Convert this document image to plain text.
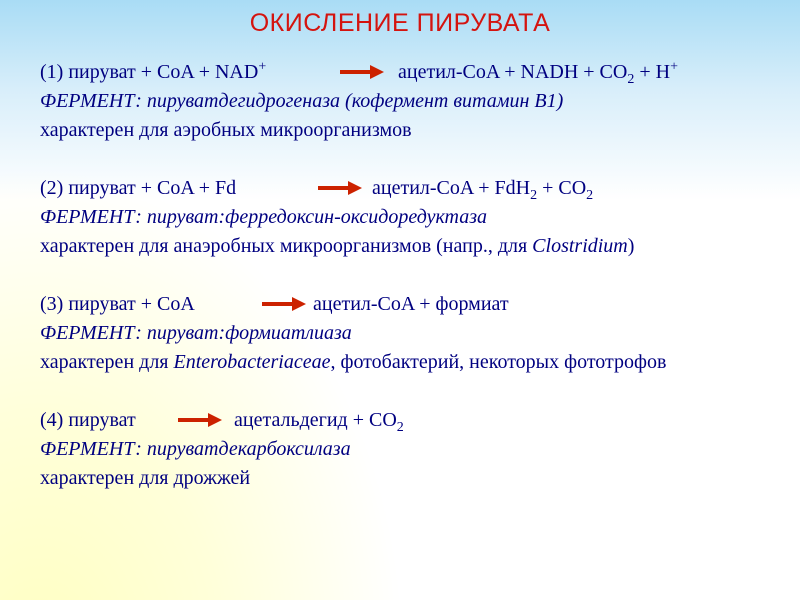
ОКИСЛЕНИЕ ПИРУВАТА
(1) пируват + CoA + NAD+	→ ацетил-CoA + NADH + $CO_2 + H^+$
ФЕРМЕНТ: пируватдегидрогеназа (кофермент витамин В1)
характерен для аэробных микроорганизмов
(2) пируват + CoA + Fd	→ ацетил-CoA + $FdH_2 + CO_2$
ФЕРМЕНТ: пируват:ферредоксин-оксидоредуктаза
характерен для анаэробных микроорганизмов (напр., для Clostridium)
(3) пируват + CoA	→ ацетил-CoA + формиат
ФЕРМЕНТ: пируват:формиатлиаза
характерен для Enterobacteriaceae, фотобактерий, некоторых фототрофов
(4) пируват → ацетальдегид + $CO_2$
ФЕРМЕНТ: пируватдекарбоксилаза
характерен для дрожжей
